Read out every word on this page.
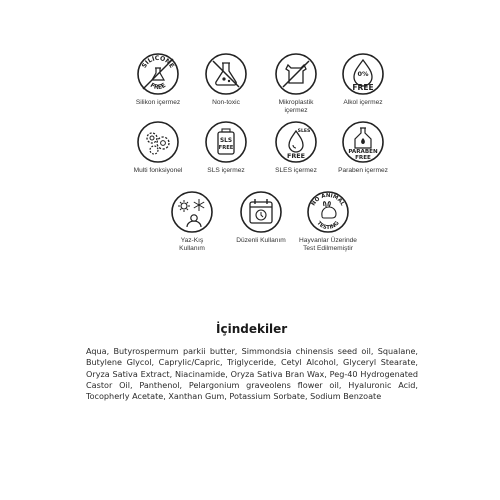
SILICONE
FREE
Silikon içermez	Non-toxic	Mikroplastik
içermez
0%
FREE
Alkol içermez
Multi fonksiyonel
SLS
FREE
SLS içermez
SLES
FREE
SLES içermez
PARABEN
FREE
Paraben içermez
Yaz-Kış
Kullanım
Düzenli Kullanım
NO ANIMAL
TESTING
Hayvanlar Üzerinde
Test Edilmemiştir
İçindekiler

Aqua, Butyrospermum parkii butter, Simmondsia chinensis seed oil, Squalane, Butylene Glycol, Caprylic/Capric, Triglyceride, Cetyl Alcohol, Glyceryl Stearate, Oryza Sativa Extract, Niacinamide, Oryza Sativa Bran Wax, Peg-40 Hydrogenated Castor Oil, Panthenol, Pelargonium graveolens flower oil, Hyaluronic Acid, Tocopherly Acetate, Xanthan Gum, Potassium Sorbate, Sodium Benzoate
